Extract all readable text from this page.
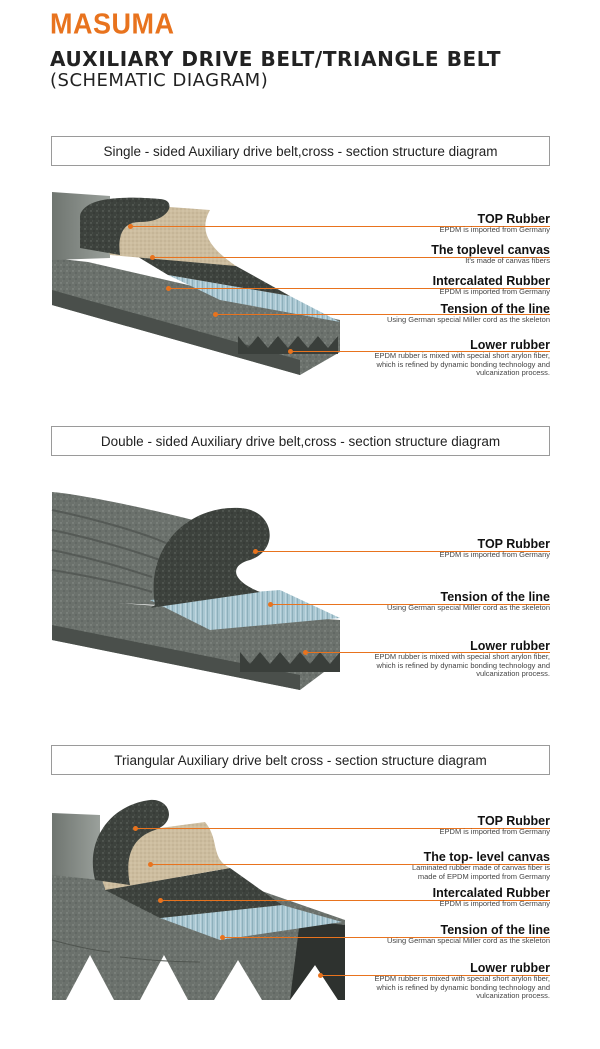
MASUMA
AUXILIARY DRIVE BELT/TRIANGLE BELT
(SCHEMATIC DIAGRAM)
Single - sided Auxiliary drive belt,cross - section structure diagram
TOP Rubber
EPDM is imported from Germany
The toplevel canvas
It's made of canvas fibers
Intercalated Rubber
EPDM is imported from Germany
Tension of the line
Using German special Miller cord as the skeleton
Lower rubber
EPDM rubber is mixed with special short arylon fiber,
which is refined by dynamic bonding technology and
vulcanization process.
Double - sided Auxiliary drive belt,cross - section structure diagram
TOP Rubber
EPDM is imported from Germany
Tension of the line
Using German special Miller cord as the skeleton
Lower rubber
EPDM rubber is mixed with special short arylon fiber,
which is refined by dynamic bonding technology and
vulcanization process.
Triangular Auxiliary drive belt cross - section structure diagram
TOP Rubber
EPDM is imported from Germany
The top- level canvas
Laminated rubber made of canvas fiber is
made of EPDM imported from Germany
Intercalated Rubber
EPDM is imported from Germany
Tension of the line
Using German special Miller cord as the skeleton
Lower rubber
EPDM rubber is mixed with special short arylon fiber,
which is refined by dynamic bonding technology and
vulcanization process.
